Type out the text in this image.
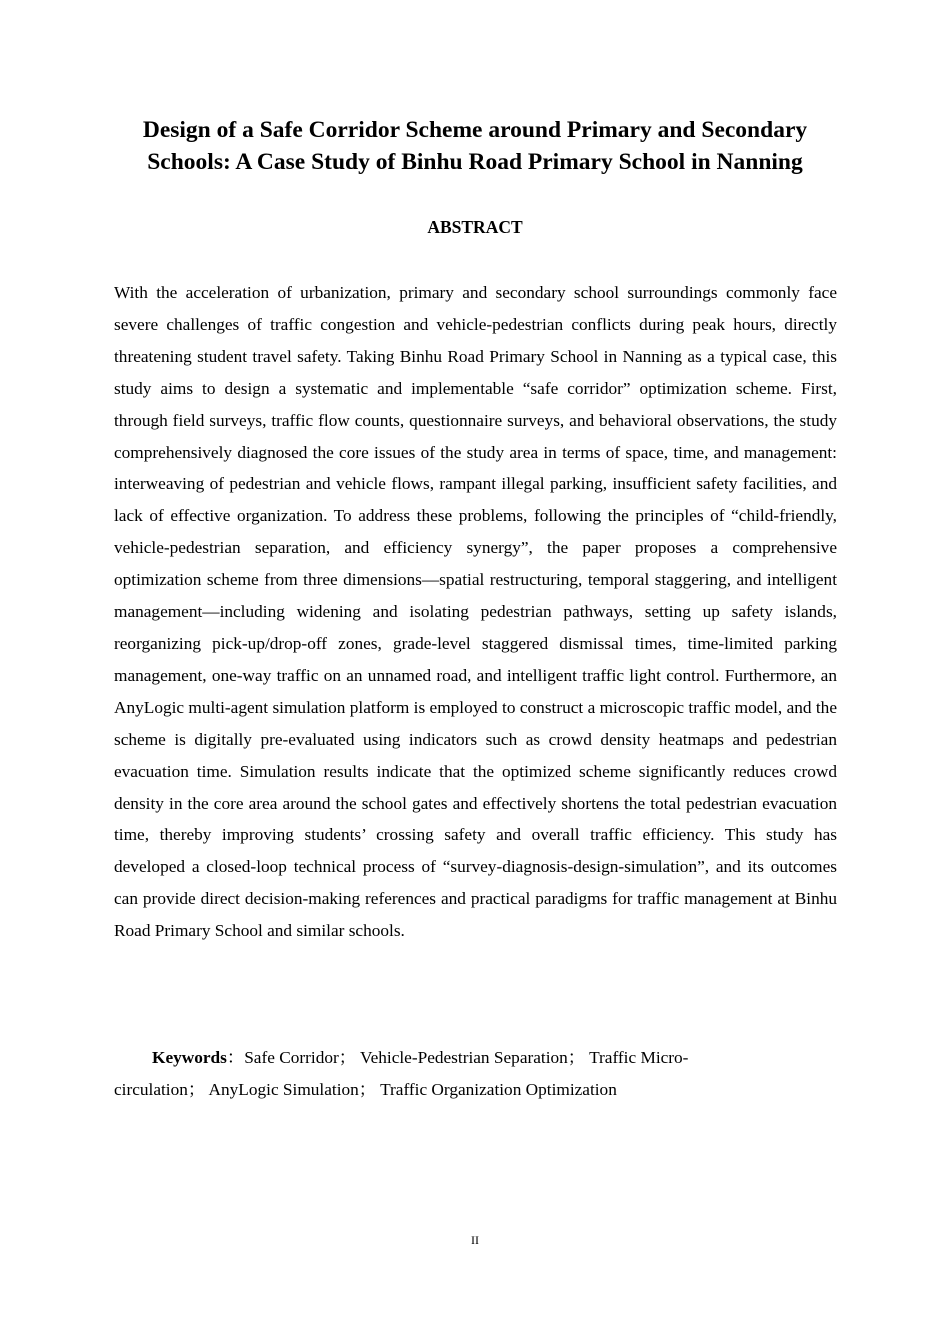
Design of a Safe Corridor Scheme around Primary and Secondary Schools: A Case Study of Binhu Road Primary School in Nanning
ABSTRACT

With the acceleration of urbanization, primary and secondary school surroundings commonly face severe challenges of traffic congestion and vehicle-pedestrian conflicts during peak hours, directly threatening student travel safety. Taking Binhu Road Primary School in Nanning as a typical case, this study aims to design a systematic and implementable “safe corridor” optimization scheme. First, through field surveys, traffic flow counts, questionnaire surveys, and behavioral observations, the study comprehensively diagnosed the core issues of the study area in terms of space, time, and management: interweaving of pedestrian and vehicle flows, rampant illegal parking, insufficient safety facilities, and lack of effective organization. To address these problems, following the principles of “child-friendly, vehicle-pedestrian separation, and efficiency synergy”, the paper proposes a comprehensive optimization scheme from three dimensions—spatial restructuring, temporal staggering, and intelligent management—including widening and isolating pedestrian pathways, setting up safety islands, reorganizing pick-up/drop-off zones, grade-level staggered dismissal times, time-limited parking management, one-way traffic on an unnamed road, and intelligent traffic light control. Furthermore, an AnyLogic multi-agent simulation platform is employed to construct a microscopic traffic model, and the scheme is digitally pre-evaluated using indicators such as crowd density heatmaps and pedestrian evacuation time. Simulation results indicate that the optimized scheme significantly reduces crowd density in the core area around the school gates and effectively shortens the total pedestrian evacuation time, thereby improving students’ crossing safety and overall traffic efficiency. This study has developed a closed-loop technical process of “survey-diagnosis-design-simulation”, and its outcomes can provide direct decision-making references and practical paradigms for traffic management at Binhu Road Primary School and similar schools.

Keywords：Safe Corridor； Vehicle-Pedestrian Separation； Traffic Micro-circulation； AnyLogic Simulation； Traffic Organization Optimization

II
